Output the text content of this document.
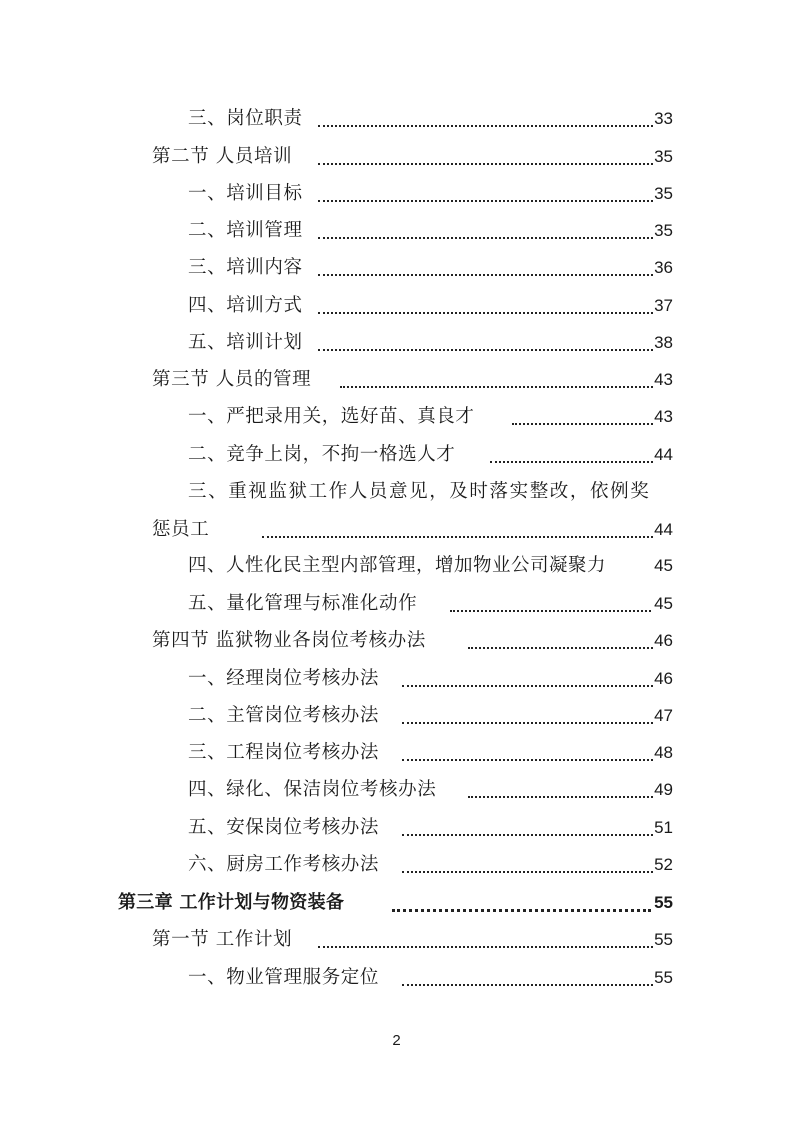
三、岗位职责	33
第二节 人员培训	35
一、培训目标	35
二、培训管理	35
三、培训内容	36
四、培训方式	37
五、培训计划	38
第三节 人员的管理	43
一、严把录用关，选好苗、真良才	43
二、竞争上岗，不拘一格选人才	44
三、重视监狱工作人员意见，及时落实整改，依例奖
惩员工	44
四、人性化民主型内部管理，增加物业公司凝聚力	45
五、量化管理与标准化动作	45
第四节 监狱物业各岗位考核办法	46
一、经理岗位考核办法	46
二、主管岗位考核办法	47
三、工程岗位考核办法	48
四、绿化、保洁岗位考核办法	49
五、安保岗位考核办法	51
六、厨房工作考核办法	52
第三章 工作计划与物资装备	55
第一节 工作计划	55
一、物业管理服务定位	55
2
